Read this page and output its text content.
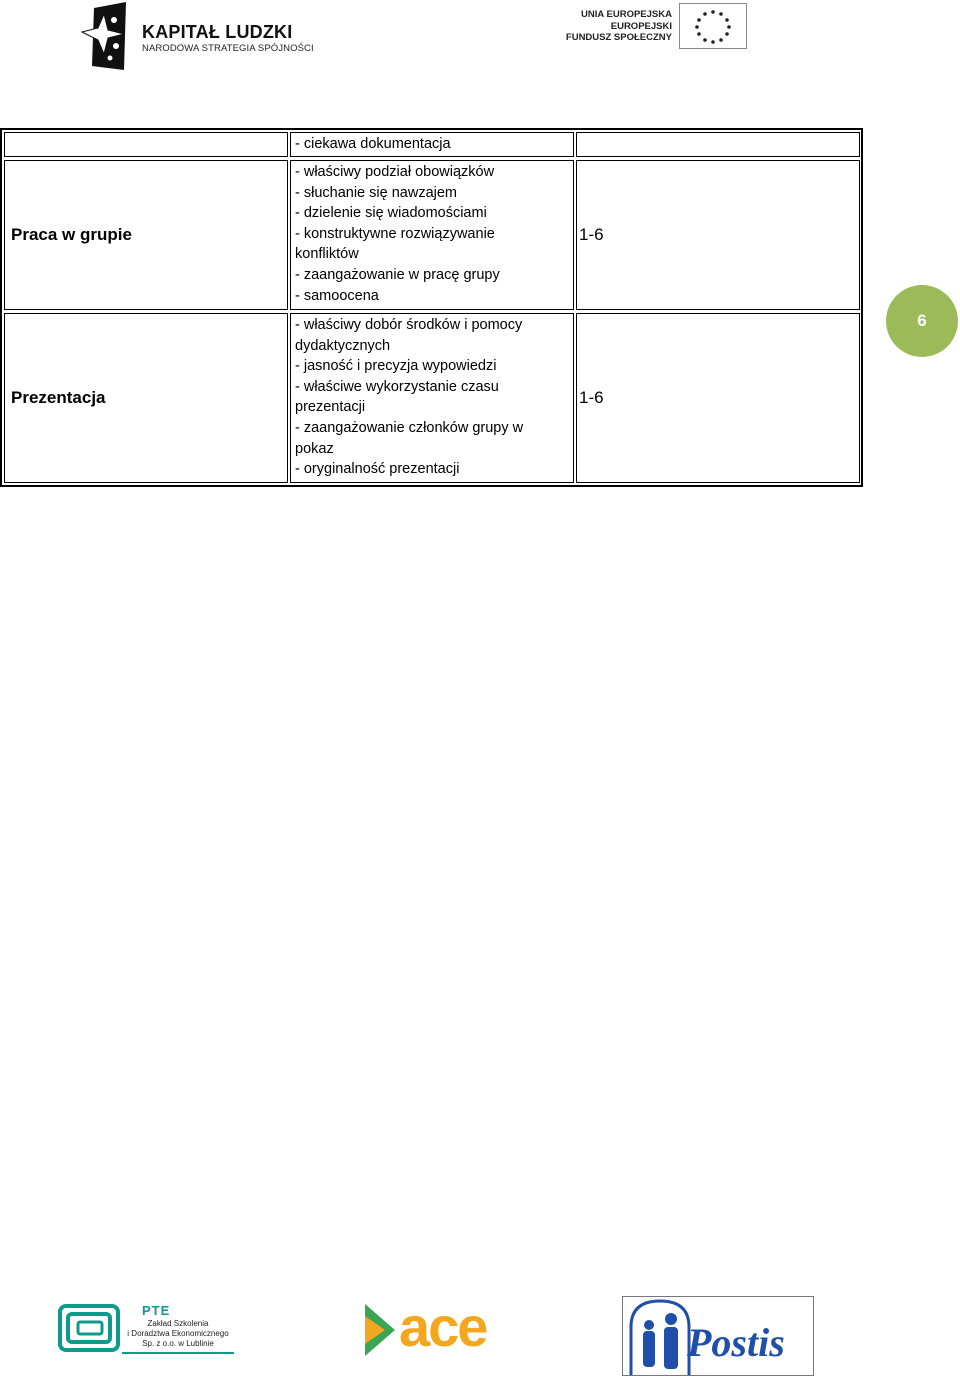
KAPITAŁ LUDZKI
NARODOWA STRATEGIA SPÓJNOŚCI
UNIA EUROPEJSKA
EUROPEJSKI
FUNDUSZ SPOŁECZNY
- ciekawa dokumentacja
Praca w grupie
- właściwy podział obowiązków
- słuchanie się nawzajem
- dzielenie się wiadomościami
- konstruktywne rozwiązywanie
konfliktów
- zaangażowanie w pracę grupy
- samoocena
1-6
Prezentacja
- właściwy dobór środków i pomocy
dydaktycznych
- jasność i precyzja wypowiedzi
- właściwe wykorzystanie czasu
prezentacji
- zaangażowanie członków grupy w
pokaz
- oryginalność prezentacji
1-6
6
PTE
Zakład Szkolenia
i Doradztwa Ekonomicznego
Sp. z o.o. w Lublinie	ace	Postis
